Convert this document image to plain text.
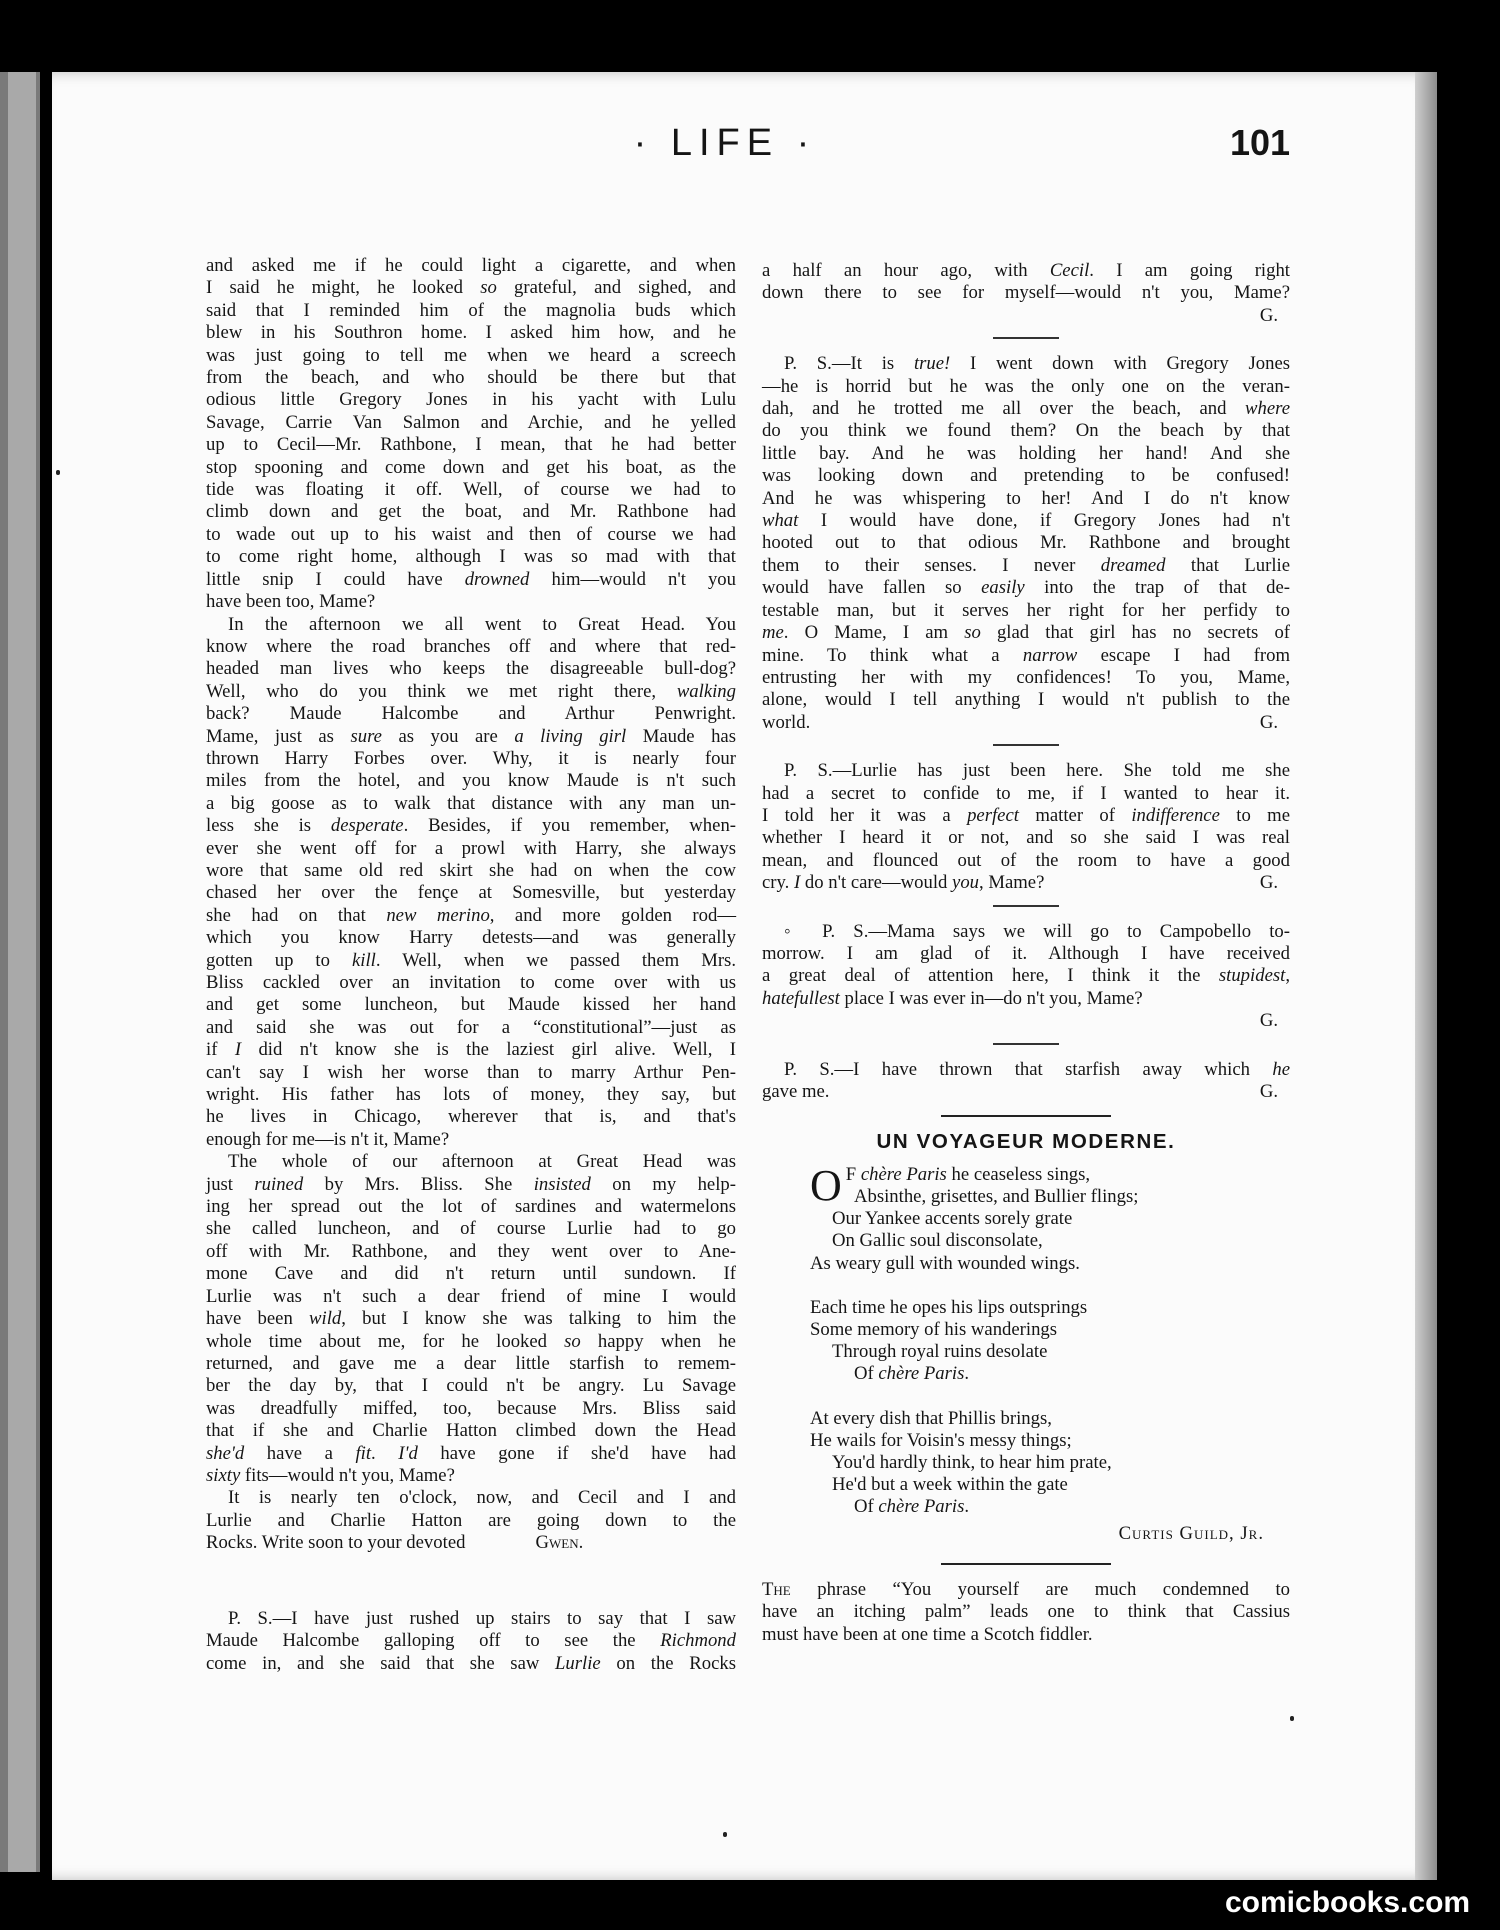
· LIFE ·	101

and asked me if he could light a cigarette, and when

I said he might, he looked so grateful, and sighed, and

said that I reminded him of the magnolia buds which

blew in his Southron home. I asked him how, and he

was just going to tell me when we heard a screech

from the beach, and who should be there but that

odious little Gregory Jones in his yacht with Lulu

Savage, Carrie Van Salmon and Archie, and he yelled

up to Cecil—Mr. Rathbone, I mean, that he had better

stop spooning and come down and get his boat, as the

tide was floating it off. Well, of course we had to

climb down and get the boat, and Mr. Rathbone had

to wade out up to his waist and then of course we had

to come right home, although I was so mad with that

little snip I could have drowned him—would n't you

have been too, Mame?

In the afternoon we all went to Great Head. You

know where the road branches off and where that red-

headed man lives who keeps the disagreeable bull-dog?

Well, who do you think we met right there, walking

back? Maude Halcombe and Arthur Penwright.

Mame, just as sure as you are a living girl Maude has

thrown Harry Forbes over. Why, it is nearly four

miles from the hotel, and you know Maude is n't such

a big goose as to walk that distance with any man un-

less she is desperate. Besides, if you remember, when-

ever she went off for a prowl with Harry, she always

wore that same old red skirt she had on when the cow

chased her over the fençe at Somesville, but yesterday

she had on that new merino, and more golden rod—

which you know Harry detests—and was generally

gotten up to kill. Well, when we passed them Mrs.

Bliss cackled over an invitation to come over with us

and get some luncheon, but Maude kissed her hand

and said she was out for a “constitutional”—just as

if I did n't know she is the laziest girl alive. Well, I

can't say I wish her worse than to marry Arthur Pen-

wright. His father has lots of money, they say, but

he lives in Chicago, wherever that is, and that's

enough for me—is n't it, Mame?

The whole of our afternoon at Great Head was

just ruined by Mrs. Bliss. She insisted on my help-

ing her spread out the lot of sardines and watermelons

she called luncheon, and of course Lurlie had to go

off with Mr. Rathbone, and they went over to Ane-

mone Cave and did n't return until sundown. If

Lurlie was n't such a dear friend of mine I would

have been wild, but I know she was talking to him the

whole time about me, for he looked so happy when he

returned, and gave me a dear little starfish to remem-

ber the day by, that I could n't be angry. Lu Savage

was dreadfully miffed, too, because Mrs. Bliss said

that if she and Charlie Hatton climbed down the Head

she'd have a fit. I'd have gone if she'd have had

sixty fits—would n't you, Mame?

It is nearly ten o'clock, now, and Cecil and I and

Lurlie and Charlie Hatton are going down to the

Rocks. Write soon to your devoted               Gwen.

P. S.—I have just rushed up stairs to say that I saw

Maude Halcombe galloping off to see the Richmond

come in, and she said that she saw Lurlie on the Rocks

a half an hour ago, with Cecil. I am going right

down there to see for myself—would n't you, Mame?

G.

P. S.—It is true! I went down with Gregory Jones

—he is horrid but he was the only one on the veran-

dah, and he trotted me all over the beach, and where

do you think we found them? On the beach by that

little bay. And he was holding her hand! And she

was looking down and pretending to be confused!

And he was whispering to her! And I do n't know

what I would have done, if Gregory Jones had n't

hooted out to that odious Mr. Rathbone and brought

them to their senses. I never dreamed that Lurlie

would have fallen so easily into the trap of that de-

testable man, but it serves her right for her perfidy to

me. O Mame, I am so glad that girl has no secrets of

mine. To think what a narrow escape I had from

entrusting her with my confidences! To you, Mame,

alone, would I tell anything I would n't publish to the

world.	G.

P. S.—Lurlie has just been here. She told me she

had a secret to confide to me, if I wanted to hear it.

I told her it was a perfect matter of indifference to me

whether I heard it or not, and so she said I was real

mean, and flounced out of the room to have a good

cry. I do n't care—would you, Mame?	G.

◦ P. S.—Mama says we will go to Campobello to-

morrow. I am glad of it. Although I have received

a great deal of attention here, I think it the stupidest,

hatefullest place I was ever in—do n't you, Mame?

G.

P. S.—I have thrown that starfish away which he

gave me.	G.

UN VOYAGEUR MODERNE.
O F chère Paris he ceaseless sings,
Absinthe, grisettes, and Bullier flings;
Our Yankee accents sorely grate
On Gallic soul disconsolate,
As weary gull with wounded wings.
Each time he opes his lips outsprings
Some memory of his wanderings
Through royal ruins desolate
Of chère Paris.
At every dish that Phillis brings,
He wails for Voisin's messy things;
You'd hardly think, to hear him prate,
He'd but a week within the gate
Of chère Paris.
Curtis Guild, Jr.

The phrase “You yourself are much condemned to

have an itching palm” leads one to think that Cassius

must have been at one time a Scotch fiddler.

comicbooks.com
